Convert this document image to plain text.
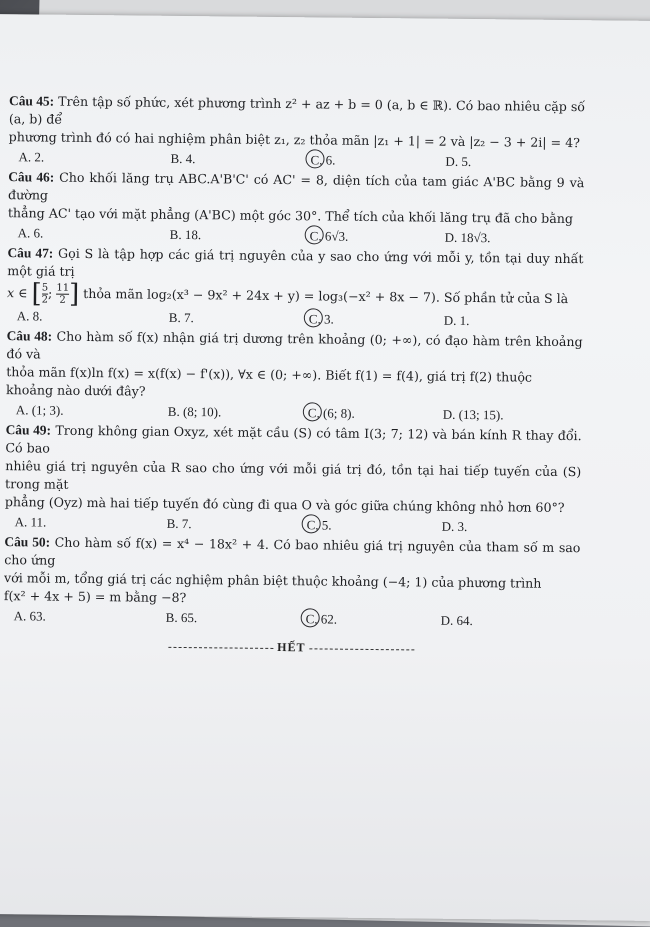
Câu 45: Trên tập số phức, xét phương trình z² + az + b = 0 (a, b ∈ ℝ). Có bao nhiêu cặp số (a, b) để
phương trình đó có hai nghiệm phân biệt z₁, z₂ thỏa mãn |z₁ + 1| = 2 và |z₂ − 3 + 2i| = 4?
A. 2.	B. 4.	C. 6.	D. 5.
Câu 46: Cho khối lăng trụ ABC.A'B'C' có AC' = 8, diện tích của tam giác A'BC bằng 9 và đường
thẳng AC' tạo với mặt phẳng (A'BC) một góc 30°. Thể tích của khối lăng trụ đã cho bằng
A. 6.	B. 18.	C. 6√3.	D. 18√3.
Câu 47: Gọi S là tập hợp các giá trị nguyên của y sao cho ứng với mỗi y, tồn tại duy nhất một giá trị
x ∈ [ $\frac{5}{2}$ ; $\frac{11}{2}$ ] thỏa mãn log₂(x³ − 9x² + 24x + y) = log₃(−x² + 8x − 7). Số phần tử của S là
A. 8.	B. 7.	C. 3.	D. 1.
Câu 48: Cho hàm số f(x) nhận giá trị dương trên khoảng (0; +∞), có đạo hàm trên khoảng đó và
thỏa mãn f(x)ln f(x) = x(f(x) − f'(x)), ∀x ∈ (0; +∞). Biết f(1) = f(4), giá trị f(2) thuộc
khoảng nào dưới đây?
A. (1; 3).	B. (8; 10).	C. (6; 8).	D. (13; 15).
Câu 49: Trong không gian Oxyz, xét mặt cầu (S) có tâm I(3; 7; 12) và bán kính R thay đổi. Có bao
nhiêu giá trị nguyên của R sao cho ứng với mỗi giá trị đó, tồn tại hai tiếp tuyến của (S) trong mặt
phẳng (Oyz) mà hai tiếp tuyến đó cùng đi qua O và góc giữa chúng không nhỏ hơn 60°?
A. 11.	B. 7.	C. 5.	D. 3.
Câu 50: Cho hàm số f(x) = x⁴ − 18x² + 4. Có bao nhiêu giá trị nguyên của tham số m sao cho ứng
với mỗi m, tổng giá trị các nghiệm phân biệt thuộc khoảng (−4; 1) của phương trình
f(x² + 4x + 5) = m bằng −8?
A. 63.	B. 65.	C. 62.	D. 64.
HẾT
